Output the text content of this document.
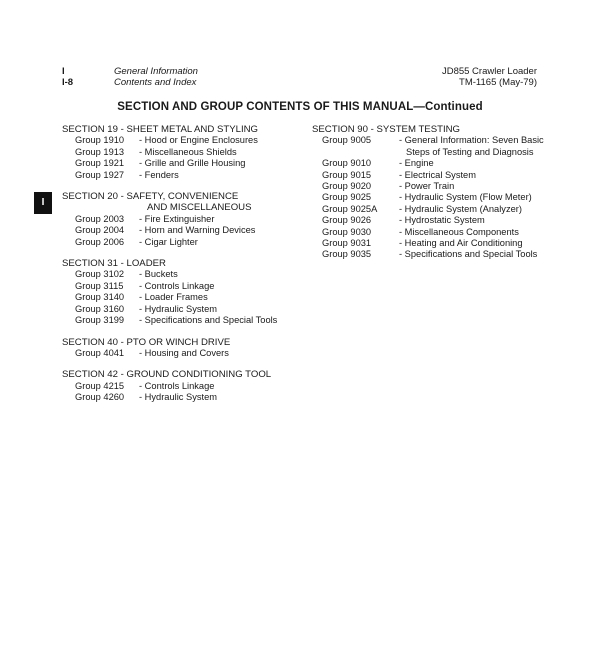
I	General Information
I-8	Contents and Index
JD855 Crawler Loader
TM-1165 (May-79)
SECTION AND GROUP CONTENTS OF THIS MANUAL—Continued
I
SECTION 19 - SHEET METAL AND STYLING
Group 1910	- Hood or Engine Enclosures
Group 1913	- Miscellaneous Shields
Group 1921	- Grille and Grille Housing
Group 1927	- Fenders
SECTION 20 - SAFETY, CONVENIENCE
AND MISCELLANEOUS
Group 2003	- Fire Extinguisher
Group 2004	- Horn and Warning Devices
Group 2006	- Cigar Lighter
SECTION 31 - LOADER
Group 3102	- Buckets
Group 3115	- Controls Linkage
Group 3140	- Loader Frames
Group 3160	- Hydraulic System
Group 3199	- Specifications and Special Tools
SECTION 40 - PTO OR WINCH DRIVE
Group 4041	- Housing and Covers
SECTION 42 - GROUND CONDITIONING TOOL
Group 4215	- Controls Linkage
Group 4260	- Hydraulic System
SECTION 90 - SYSTEM TESTING
Group 9005	- General Information: Seven Basic
Steps of Testing and Diagnosis
Group 9010	- Engine
Group 9015	- Electrical System
Group 9020	- Power Train
Group 9025	- Hydraulic System (Flow Meter)
Group 9025A	- Hydraulic System (Analyzer)
Group 9026	- Hydrostatic System
Group 9030	- Miscellaneous Components
Group 9031	- Heating and Air Conditioning
Group 9035	- Specifications and Special Tools
